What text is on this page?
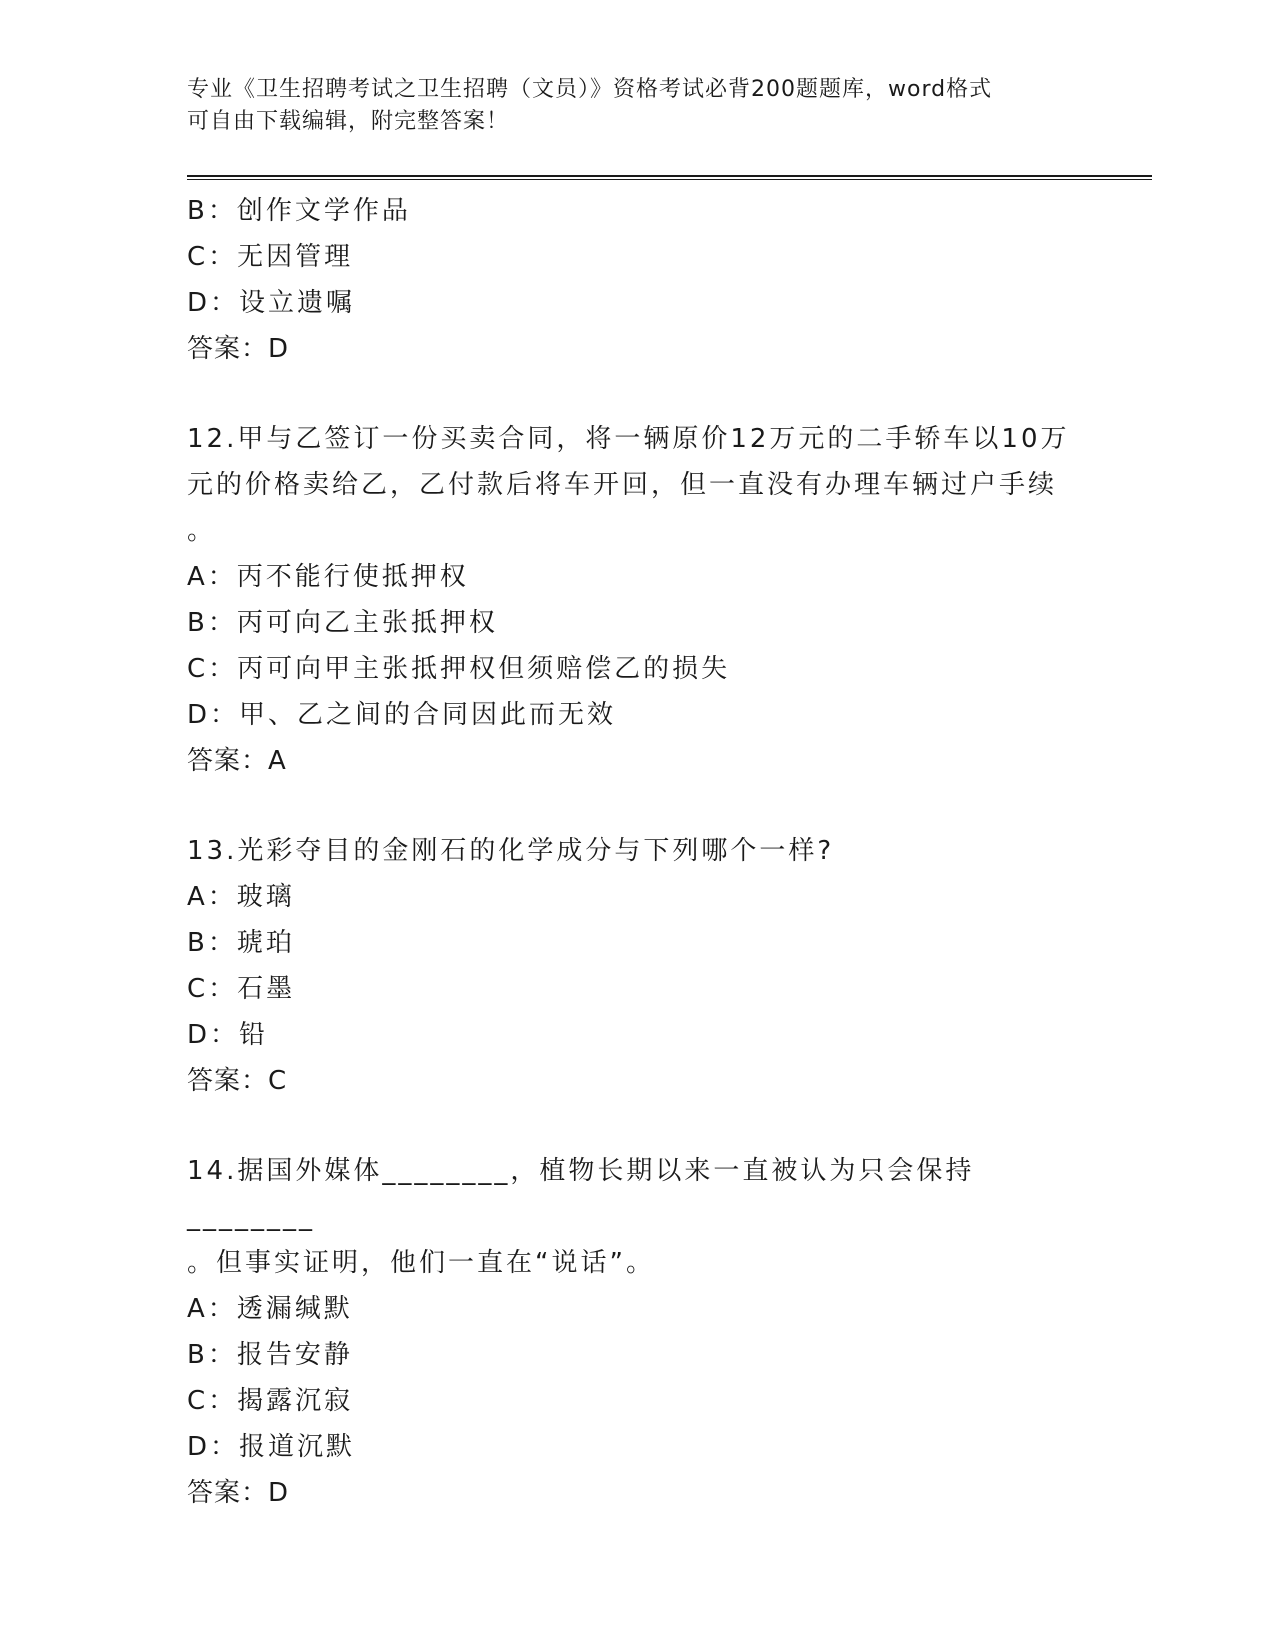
专业《卫生招聘考试之卫生招聘（文员）》资格考试必背200题题库，word格式
可自由下载编辑，附完整答案！
B：创作文学作品
C：无因管理
D：设立遗嘱
答案：D
12.甲与乙签订一份买卖合同，将一辆原价12万元的二手轿车以10万
元的价格卖给乙，乙付款后将车开回，但一直没有办理车辆过户手续
。
A：丙不能行使抵押权
B：丙可向乙主张抵押权
C：丙可向甲主张抵押权但须赔偿乙的损失
D：甲、乙之间的合同因此而无效
答案：A
13.光彩夺目的金刚石的化学成分与下列哪个一样?
A：玻璃
B：琥珀
C：石墨
D：铅
答案：C
14.据国外媒体________，植物长期以来一直被认为只会保持________
。但事实证明，他们一直在“说话”。
A：透漏缄默
B：报告安静
C：揭露沉寂
D：报道沉默
答案：D
